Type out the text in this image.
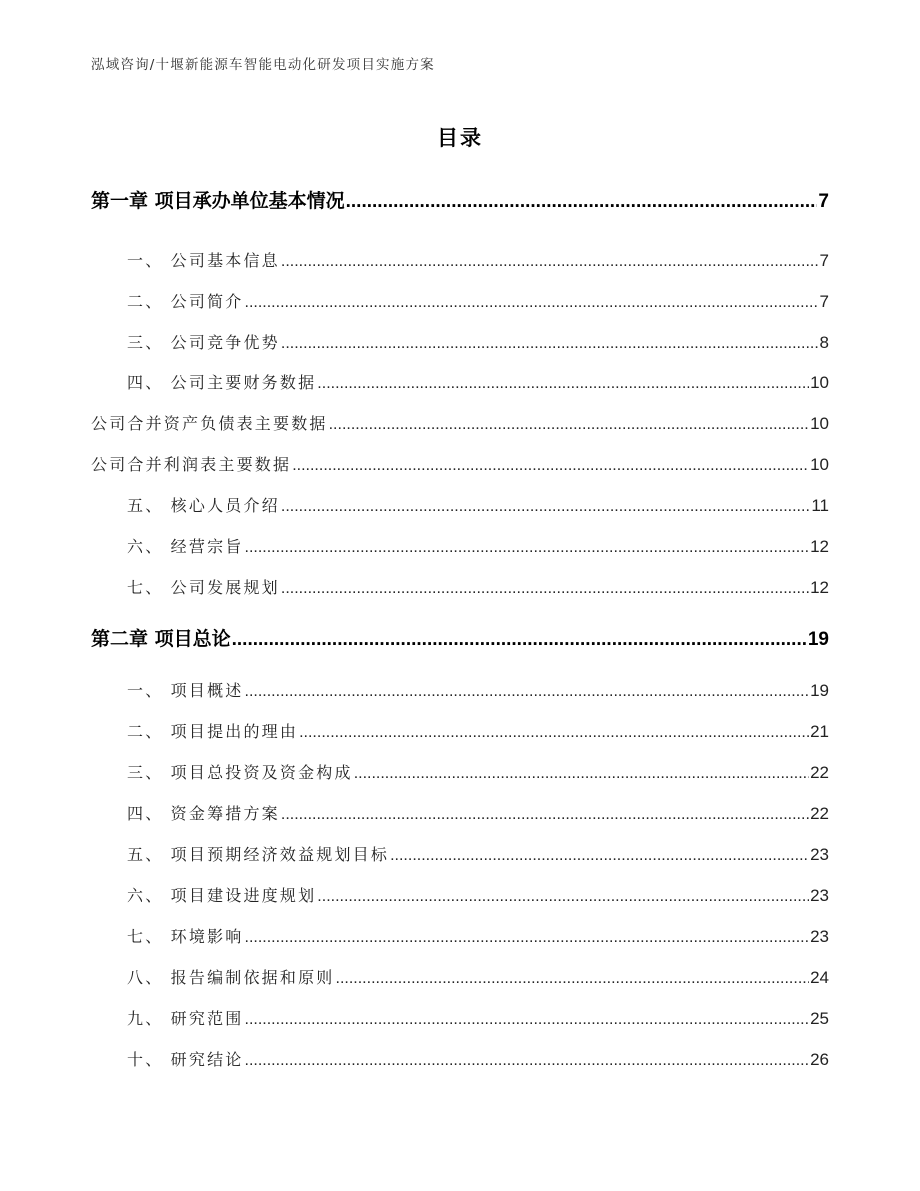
泓域咨询/十堰新能源车智能电动化研发项目实施方案
目录
第一章 项目承办单位基本情况 .....	7
一、 公司基本信息 .....	7
二、 公司简介 .....	7
三、 公司竞争优势 .....	8
四、 公司主要财务数据 .....	10
公司合并资产负债表主要数据 .....	10
公司合并利润表主要数据 .....	10
五、 核心人员介绍 .....	11
六、 经营宗旨 .....	12
七、 公司发展规划 .....	12
第二章 项目总论 .....	19
一、 项目概述 .....	19
二、 项目提出的理由 .....	21
三、 项目总投资及资金构成 .....	22
四、 资金筹措方案 .....	22
五、 项目预期经济效益规划目标 .....	23
六、 项目建设进度规划 .....	23
七、 环境影响 .....	23
八、 报告编制依据和原则 .....	24
九、 研究范围 .....	25
十、 研究结论 .....	26
